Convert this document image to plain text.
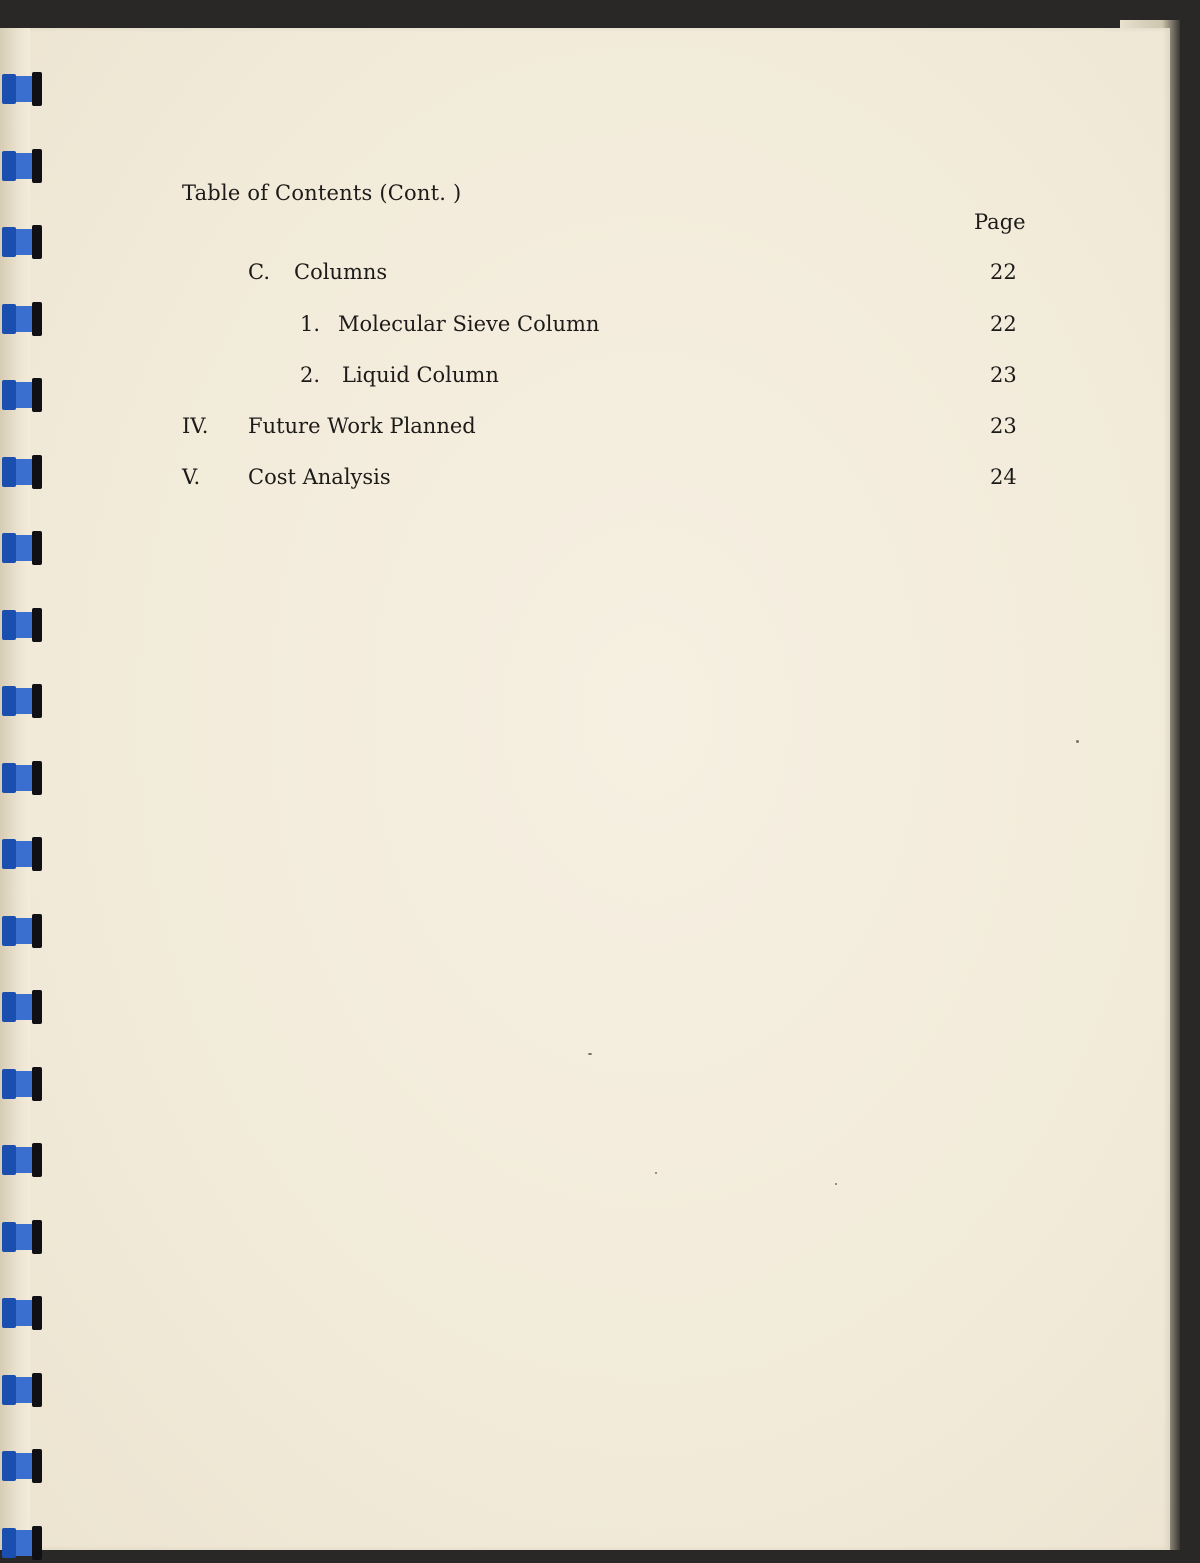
Table of Contents (Cont. )
Page
C. Columns	22
1. Molecular Sieve Column	22
2. Liquid Column	23
IV. Future Work Planned	23
V. Cost Analysis	24
